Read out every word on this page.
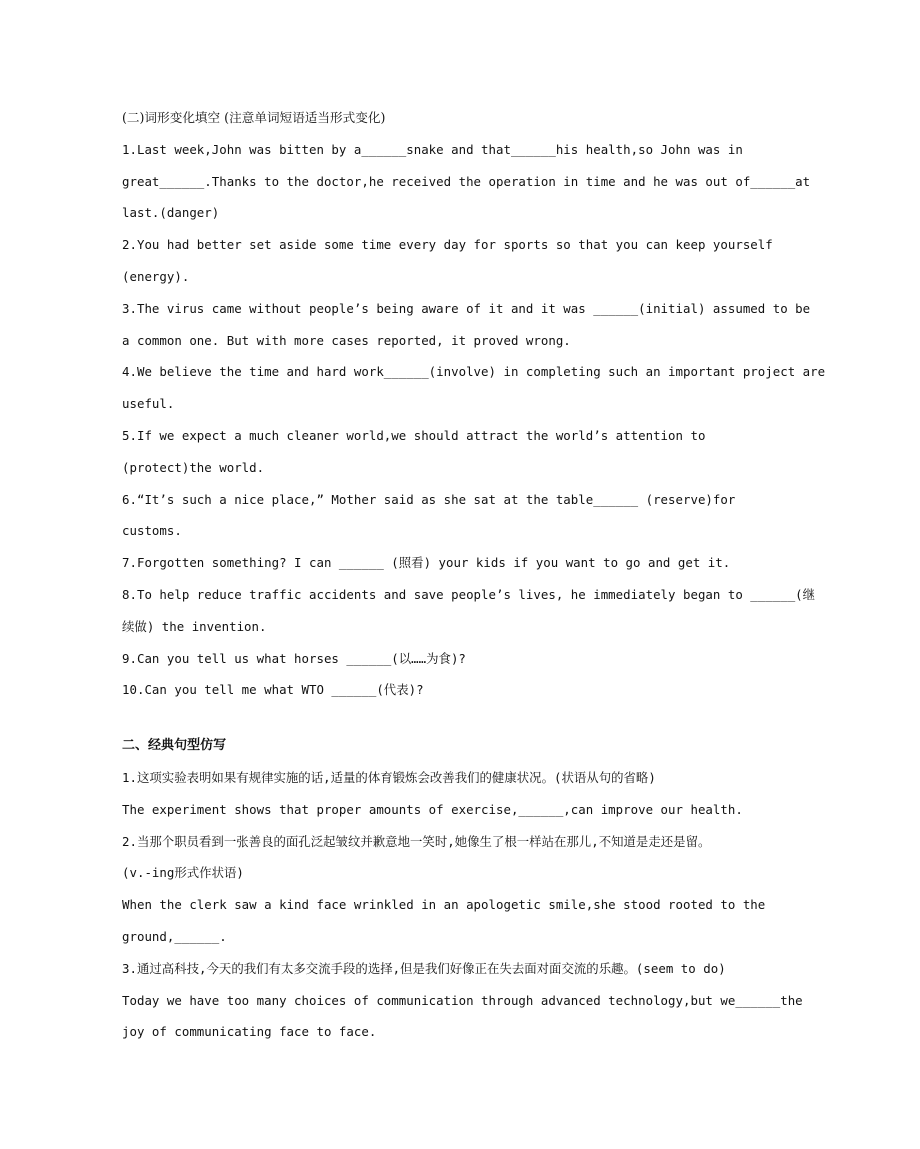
(二)词形变化填空 (注意单词短语适当形式变化)
1.Last week,John was bitten by a______snake and that______his health,so John was in
great______.Thanks to the doctor,he received the operation in time and he was out of______at
last.(danger)
2.You had better set aside some time every day for sports so that you can keep yourself
(energy).
3.The virus came without people’s being aware of it and it was ______(initial) assumed to be
a common one. But with more cases reported, it proved wrong.
4.We believe the time and hard work______(involve) in completing such an important project are
useful.
5.If we expect a much cleaner world,we should attract the world’s attention to
(protect)the world.
6.“It’s such a nice place,” Mother said as she sat at the table______ (reserve)for
customs.
7.Forgotten something? I can ______ (照看) your kids if you want to go and get it.
8.To help reduce traffic accidents and save people’s lives, he immediately began to ______(继
续做) the invention.
9.Can you tell us what horses ______(以……为食)?
10.Can you tell me what WTO ______(代表)?
二、经典句型仿写
1.这项实验表明如果有规律实施的话,适量的体育锻炼会改善我们的健康状况。(状语从句的省略)
The experiment shows that proper amounts of exercise,______,can improve our health.
2.当那个职员看到一张善良的面孔泛起皱纹并歉意地一笑时,她像生了根一样站在那儿,不知道是走还是留。
(v.-ing形式作状语)
When the clerk saw a kind face wrinkled in an apologetic smile,she stood rooted to the
ground,______.
3.通过高科技,今天的我们有太多交流手段的选择,但是我们好像正在失去面对面交流的乐趣。(seem to do)
Today we have too many choices of communication through advanced technology,but we______the
joy of communicating face to face.
